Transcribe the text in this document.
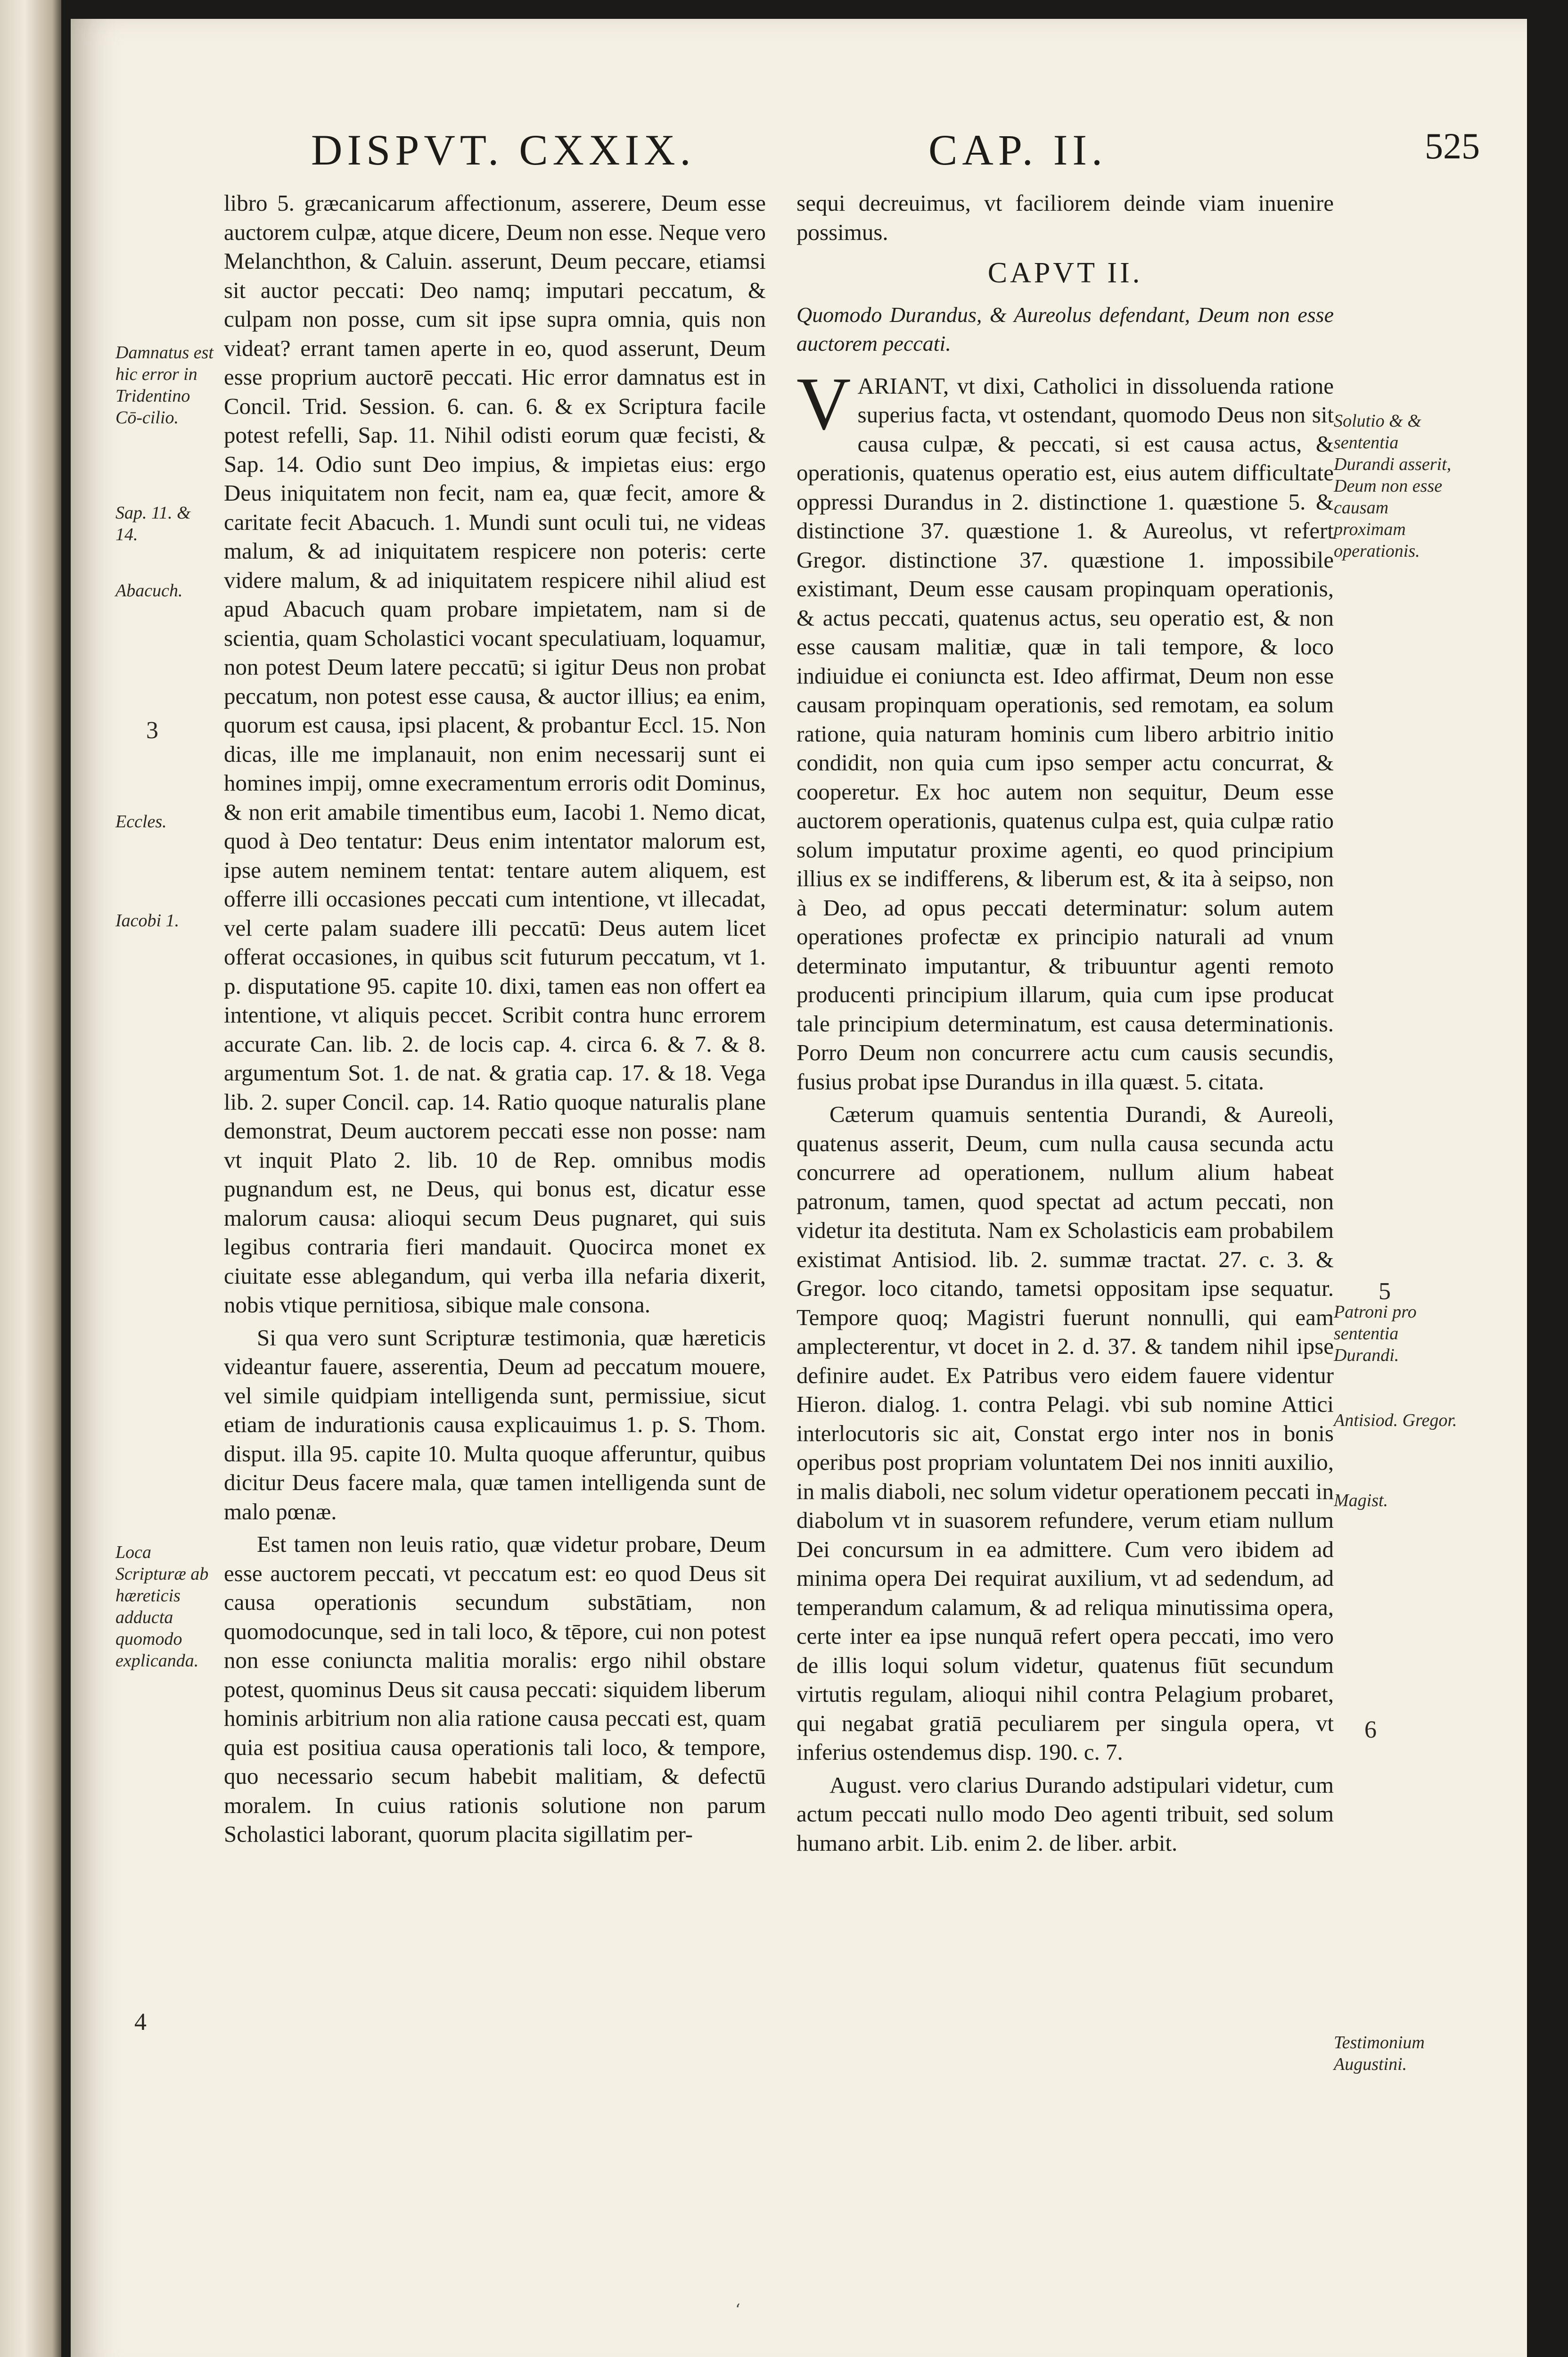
DISPVT. CXXIX.	CAP. II.	525

libro 5. græcanicarum affectionum, asserere, Deum esse auctorem culpæ, atque dicere, Deum non esse. Neque vero Melanchthon, & Caluin. asserunt, Deum peccare, etiamsi sit auctor peccati: Deo namq; imputari peccatum, & culpam non posse, cum sit ipse supra omnia, quis non videat? errant tamen aperte in eo, quod asserunt, Deum esse proprium auctorē peccati. Hic error damnatus est in Concil. Trid. Session. 6. can. 6. & ex Scriptura facile potest refelli, Sap. 11. Nihil odisti eorum quæ fecisti, & Sap. 14. Odio sunt Deo impius, & impietas eius: ergo Deus iniquitatem non fecit, nam ea, quæ fecit, amore & caritate fecit Abacuch. 1. Mundi sunt oculi tui, ne videas malum, & ad iniquitatem respicere non poteris: certe videre malum, & ad iniquitatem respicere nihil aliud est apud Abacuch quam probare impietatem, nam si de scientia, quam Scholastici vocant speculatiuam, loquamur, non potest Deum latere peccatū; si igitur Deus non probat peccatum, non potest esse causa, & auctor illius; ea enim, quorum est causa, ipsi placent, & probantur Eccl. 15. Non dicas, ille me implanauit, non enim necessarij sunt ei homines impij, omne execramentum erroris odit Dominus, & non erit amabile timentibus eum, Iacobi 1. Nemo dicat, quod à Deo tentatur: Deus enim intentator malorum est, ipse autem neminem tentat: tentare autem aliquem, est offerre illi occasiones peccati cum intentione, vt illecadat, vel certe palam suadere illi peccatū: Deus autem licet offerat occasiones, in quibus scit futurum peccatum, vt 1. p. disputatione 95. capite 10. dixi, tamen eas non offert ea intentione, vt aliquis peccet. Scribit contra hunc errorem accurate Can. lib. 2. de locis cap. 4. circa 6. & 7. & 8. argumentum Sot. 1. de nat. & gratia cap. 17. & 18. Vega lib. 2. super Concil. cap. 14. Ratio quoque naturalis plane demonstrat, Deum auctorem peccati esse non posse: nam vt inquit Plato 2. lib. 10 de Rep. omnibus modis pugnandum est, ne Deus, qui bonus est, dicatur esse malorum causa: alioqui secum Deus pugnaret, qui suis legibus contraria fieri mandauit. Quocirca monet ex ciuitate esse ablegandum, qui verba illa nefaria dixerit, nobis vtique pernitiosa, sibique male consona.

Si qua vero sunt Scripturæ testimonia, quæ hæreticis videantur fauere, asserentia, Deum ad peccatum mouere, vel simile quidpiam intelligenda sunt, permissiue, sicut etiam de indurationis causa explicauimus 1. p. S. Thom. disput. illa 95. capite 10. Multa quoque afferuntur, quibus dicitur Deus facere mala, quæ tamen intelligenda sunt de malo pœnæ.

Est tamen non leuis ratio, quæ videtur probare, Deum esse auctorem peccati, vt peccatum est: eo quod Deus sit causa operationis secundum substātiam, non quomodocunque, sed in tali loco, & tēpore, cui non potest non esse coniuncta malitia moralis: ergo nihil obstare potest, quominus Deus sit causa peccati: siquidem liberum hominis arbitrium non alia ratione causa peccati est, quam quia est positiua causa operationis tali loco, & tempore, quo necessario secum habebit malitiam, & defectū moralem. In cuius rationis solutione non parum Scholastici laborant, quorum placita sigillatim per-

sequi decreuimus, vt faciliorem deinde viam inuenire possimus.

CAPVT II.
Quomodo Durandus, & Aureolus defendant, Deum non esse auctorem peccati.

VARIANT, vt dixi, Catholici in dissoluenda ratione superius facta, vt ostendant, quomodo Deus non sit causa culpæ, & peccati, si est causa actus, & operationis, quatenus operatio est, eius autem difficultate oppressi Durandus in 2. distinctione 1. quæstione 5. & distinctione 37. quæstione 1. & Aureolus, vt refert Gregor. distinctione 37. quæstione 1. impossibile existimant, Deum esse causam propinquam operationis, & actus peccati, quatenus actus, seu operatio est, & non esse causam malitiæ, quæ in tali tempore, & loco indiuidue ei coniuncta est. Ideo affirmat, Deum non esse causam propinquam operationis, sed remotam, ea solum ratione, quia naturam hominis cum libero arbitrio initio condidit, non quia cum ipso semper actu concurrat, & cooperetur. Ex hoc autem non sequitur, Deum esse auctorem operationis, quatenus culpa est, quia culpæ ratio solum imputatur proxime agenti, eo quod principium illius ex se indifferens, & liberum est, & ita à seipso, non à Deo, ad opus peccati determinatur: solum autem operationes profectæ ex principio naturali ad vnum determinato imputantur, & tribuuntur agenti remoto producenti principium illarum, quia cum ipse producat tale principium determinatum, est causa determinationis. Porro Deum non concurrere actu cum causis secundis, fusius probat ipse Durandus in illa quæst. 5. citata.

Cæterum quamuis sententia Durandi, & Aureoli, quatenus asserit, Deum, cum nulla causa secunda actu concurrere ad operationem, nullum alium habeat patronum, tamen, quod spectat ad actum peccati, non videtur ita destituta. Nam ex Scholasticis eam probabilem existimat Antisiod. lib. 2. summæ tractat. 27. c. 3. & Gregor. loco citando, tametsi oppositam ipse sequatur. Tempore quoq; Magistri fuerunt nonnulli, qui eam amplecterentur, vt docet in 2. d. 37. & tandem nihil ipse definire audet. Ex Patribus vero eidem fauere videntur Hieron. dialog. 1. contra Pelagi. vbi sub nomine Attici interlocutoris sic ait, Constat ergo inter nos in bonis operibus post propriam voluntatem Dei nos inniti auxilio, in malis diaboli, nec solum videtur operationem peccati in diabolum vt in suasorem refundere, verum etiam nullum Dei concursum in ea admittere. Cum vero ibidem ad minima opera Dei requirat auxilium, vt ad sedendum, ad temperandum calamum, & ad reliqua minutissima opera, certe inter ea ipse nunquā refert opera peccati, imo vero de illis loqui solum videtur, quatenus fiūt secundum virtutis regulam, alioqui nihil contra Pelagium probaret, qui negabat gratiā peculiarem per singula opera, vt inferius ostendemus disp. 190. c. 7.

August. vero clarius Durando adstipulari videtur, cum actum peccati nullo modo Deo agenti tribuit, sed solum humano arbit. Lib. enim 2. de liber. arbit.

Damnatus est hic error in Tridentino Cō-cilio.
Sap. 11. & 14.
Abacuch.
3
Eccles.
Iacobi 1.
Loca Scripturæ ab hæreticis adducta quomodo explicanda.
4
Solutio & & sententia Durandi asserit, Deum non esse causam proximam operationis.
5
Patroni pro sententia Durandi.
Antisiod. Gregor.
Magist.
6
Testimonium Augustini.
‘
